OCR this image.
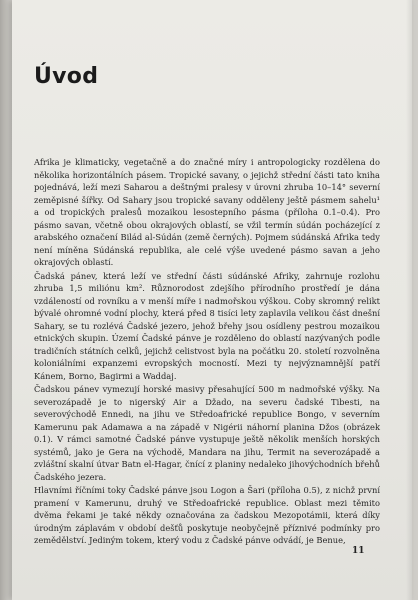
Úvod

Afrika je klimaticky, vegetačně a do značné míry i antropologicky rozdělena do několika horizontálních pásem. Tropické savany, o jejichž střední části tato kniha pojednává, leží mezi Saharou a deštnými pralesy v úrovni zhruba 10–14° severní zeměpisné šířky. Od Sahary jsou tropické savany odděleny ještě pásmem sahelu¹ a od tropických pralesů mozaikou lesostepního pásma (příloha 0.1–0.4). Pro pásmo savan, včetně obou okrajových oblastí, se vžil termín súdán pocházející z arabského označení Bilád al-Súdán (země černých). Pojmem súdánská Afrika tedy není míněna Súdánská republika, ale celé výše uvedené pásmo savan a jeho okrajových oblastí.

Čadská pánev, která leží ve střední části súdánské Afriky, zahrnuje rozlohu zhruba 1,5 miliónu km². Různorodost zdejšího přírodního prostředí je dána vzdáleností od rovníku a v menší míře i nadmořskou výškou. Coby skromný relikt bývalé ohromné vodní plochy, která před 8 tisíci lety zaplavila velikou část dnešní Sahary, se tu rozlévá Čadské jezero, jehož břehy jsou osídleny pestrou mozaikou etnických skupin. Území Čadské pánve je rozděleno do oblastí nazývaných podle tradičních státních celků, jejichž celistvost byla na počátku 20. století rozvolněna koloniálními expanzemi evropských mocností. Mezi ty nejvýznamnější patří Kánem, Borno, Bagirmi a Waddaj.

Čadskou pánev vymezují horské masivy přesahující 500 m nadmořské výšky. Na severozápadě je to nigerský Air a Džado, na severu čadské Tibesti, na severovýchodě Ennedi, na jihu ve Středoafrické republice Bongo, v severním Kamerunu pak Adamawa a na západě v Nigérii náhorní planina Džos (obrázek 0.1). V rámci samotné Čadské pánve vystupuje ještě několik menších horských systémů, jako je Gera na východě, Mandara na jihu, Termit na severozápadě a zvláštní skalní útvar Batn el-Hagar, čnící z planiny nedaleko jihovýchodních břehů Čadského jezera.

Hlavními říčními toky Čadské pánve jsou Logon a Šari (příloha 0.5), z nichž první pramení v Kamerunu, druhý ve Středoafrické republice. Oblast mezi těmito dvěma řekami je také někdy označována za čadskou Mezopotámii, která díky úrodným záplavám v období dešťů poskytuje neobyčejně příznivé podmínky pro zemědělství. Jediným tokem, který vodu z Čadské pánve odvádí, je Benue,

11
